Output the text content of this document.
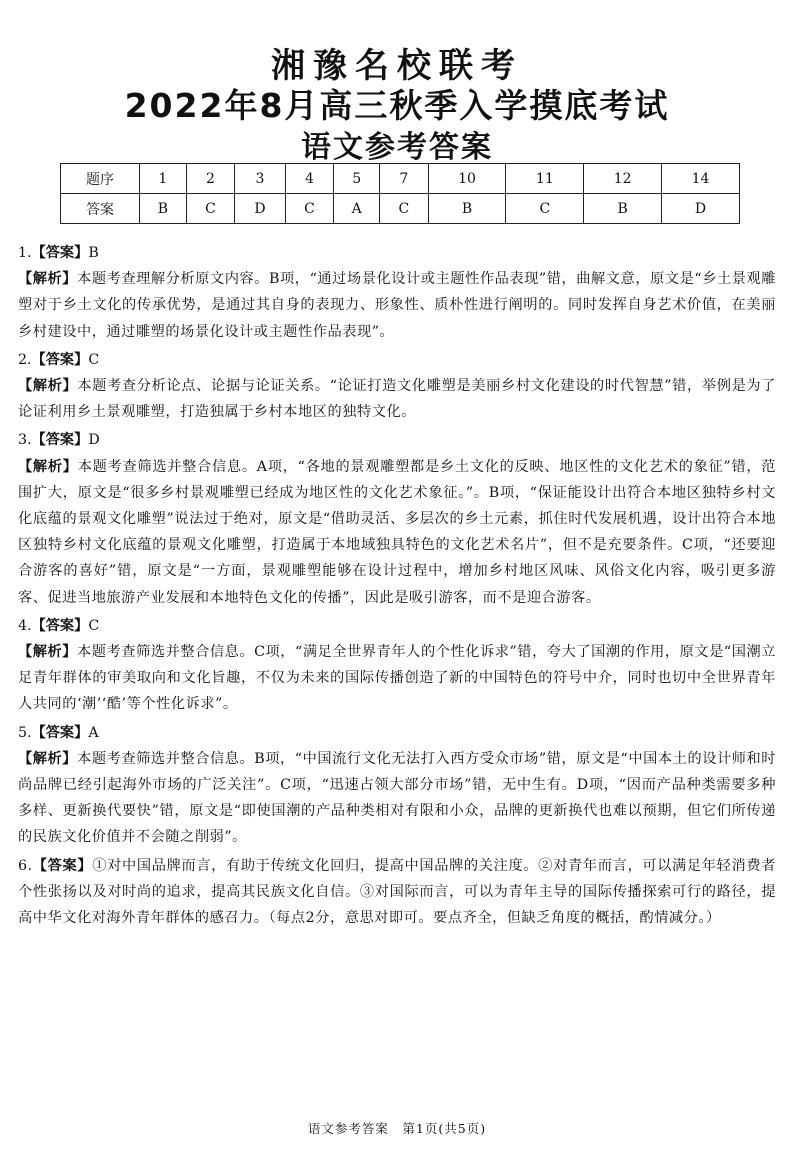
湘豫名校联考
2022年8月高三秋季入学摸底考试
语文参考答案
题序	1	2	3	4	5	7	10	11	12	14
答案	B	C	D	C	A	C	B	C	B	D
1.【答案】B
【解析】本题考查理解分析原文内容。B项，“通过场景化设计或主题性作品表现”错，曲解文意，原文是“乡土景观雕塑对于乡土文化的传承优势，是通过其自身的表现力、形象性、质朴性进行阐明的。同时发挥自身艺术价值，在美丽乡村建设中，通过雕塑的场景化设计或主题性作品表现”。
2.【答案】C
【解析】本题考查分析论点、论据与论证关系。“论证打造文化雕塑是美丽乡村文化建设的时代智慧”错，举例是为了论证利用乡土景观雕塑，打造独属于乡村本地区的独特文化。
3.【答案】D
【解析】本题考查筛选并整合信息。A项，“各地的景观雕塑都是乡土文化的反映、地区性的文化艺术的象征”错，范围扩大，原文是“很多乡村景观雕塑已经成为地区性的文化艺术象征。”。B项，“保证能设计出符合本地区独特乡村文化底蕴的景观文化雕塑”说法过于绝对，原文是“借助灵活、多层次的乡土元素，抓住时代发展机遇，设计出符合本地区独特乡村文化底蕴的景观文化雕塑，打造属于本地域独具特色的文化艺术名片”，但不是充要条件。C项，“还要迎合游客的喜好”错，原文是“一方面，景观雕塑能够在设计过程中，增加乡村地区风味、风俗文化内容，吸引更多游客、促进当地旅游产业发展和本地特色文化的传播”，因此是吸引游客，而不是迎合游客。
4.【答案】C
【解析】本题考查筛选并整合信息。C项，“满足全世界青年人的个性化诉求”错，夸大了国潮的作用，原文是“国潮立足青年群体的审美取向和文化旨趣，不仅为未来的国际传播创造了新的中国特色的符号中介，同时也切中全世界青年人共同的‘潮’‘酷’等个性化诉求”。
5.【答案】A
【解析】本题考查筛选并整合信息。B项，“中国流行文化无法打入西方受众市场”错，原文是“中国本土的设计师和时尚品牌已经引起海外市场的广泛关注”。C项，“迅速占领大部分市场”错，无中生有。D项，“因而产品种类需要多种多样、更新换代要快”错，原文是“即使国潮的产品种类相对有限和小众，品牌的更新换代也难以预期，但它们所传递的民族文化价值并不会随之削弱”。
6.【答案】①对中国品牌而言，有助于传统文化回归，提高中国品牌的关注度。②对青年而言，可以满足年轻消费者个性张扬以及对时尚的追求，提高其民族文化自信。③对国际而言，可以为青年主导的国际传播探索可行的路径，提高中华文化对海外青年群体的感召力。（每点2分，意思对即可。要点齐全，但缺乏角度的概括，酌情减分。）
语文参考答案　第1页(共5页)
